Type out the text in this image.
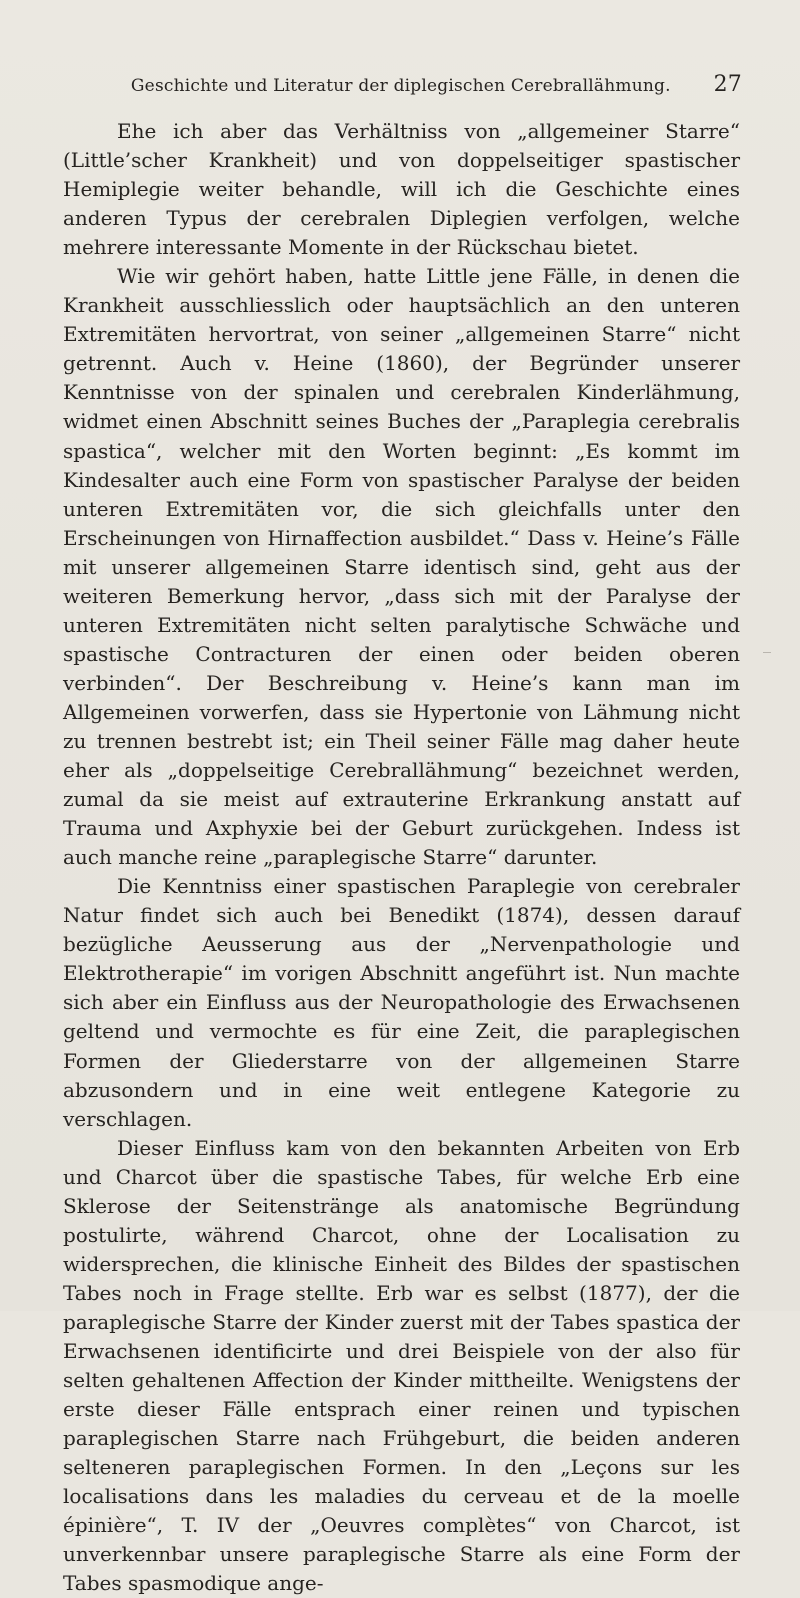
Geschichte und Literatur der diplegischen Cerebrallähmung.	27

Ehe ich aber das Verhältniss von „allgemeiner Starre“ (Little’scher Krankheit) und von doppelseitiger spastischer Hemiplegie weiter behandle, will ich die Geschichte eines anderen Typus der cerebralen Diplegien verfolgen, welche mehrere interessante Momente in der Rückschau bietet.

Wie wir gehört haben, hatte Little jene Fälle, in denen die Krankheit ausschliesslich oder hauptsächlich an den unteren Extremitäten hervortrat, von seiner „allgemeinen Starre“ nicht getrennt. Auch v. Heine (1860), der Begründer unserer Kenntnisse von der spinalen und cerebralen Kinderlähmung, widmet einen Abschnitt seines Buches der „Paraplegia cerebralis spastica“, welcher mit den Worten beginnt: „Es kommt im Kindesalter auch eine Form von spastischer Paralyse der beiden unteren Extremitäten vor, die sich gleichfalls unter den Erscheinungen von Hirnaffection ausbildet.“ Dass v. Heine’s Fälle mit unserer allgemeinen Starre identisch sind, geht aus der weiteren Bemerkung hervor, „dass sich mit der Paralyse der unteren Extremitäten nicht selten paralytische Schwäche und spastische Contracturen der einen oder beiden oberen verbinden“. Der Beschreibung v. Heine’s kann man im Allgemeinen vorwerfen, dass sie Hypertonie von Lähmung nicht zu trennen bestrebt ist; ein Theil seiner Fälle mag daher heute eher als „doppelseitige Cerebrallähmung“ bezeichnet werden, zumal da sie meist auf extrauterine Erkrankung anstatt auf Trauma und Axphyxie bei der Geburt zurückgehen. Indess ist auch manche reine „paraplegische Starre“ darunter.

Die Kenntniss einer spastischen Paraplegie von cerebraler Natur findet sich auch bei Benedikt (1874), dessen darauf bezügliche Aeusserung aus der „Nervenpathologie und Elektrotherapie“ im vorigen Abschnitt angeführt ist. Nun machte sich aber ein Einfluss aus der Neuropathologie des Erwachsenen geltend und vermochte es für eine Zeit, die paraplegischen Formen der Gliederstarre von der allgemeinen Starre abzusondern und in eine weit entlegene Kategorie zu verschlagen.

Dieser Einfluss kam von den bekannten Arbeiten von Erb und Charcot über die spastische Tabes, für welche Erb eine Sklerose der Seitenstränge als anatomische Begründung postulirte, während Charcot, ohne der Localisation zu widersprechen, die klinische Einheit des Bildes der spastischen Tabes noch in Frage stellte. Erb war es selbst (1877), der die paraplegische Starre der Kinder zuerst mit der Tabes spastica der Erwachsenen identificirte und drei Beispiele von der also für selten gehaltenen Affection der Kinder mittheilte. Wenigstens der erste dieser Fälle entsprach einer reinen und typischen paraplegischen Starre nach Frühgeburt, die beiden anderen selteneren paraplegischen Formen. In den „Leçons sur les localisations dans les maladies du cerveau et de la moelle épinière“, T. IV der „Oeuvres complètes“ von Charcot, ist unverkennbar unsere paraplegische Starre als eine Form der Tabes spasmodique ange-
